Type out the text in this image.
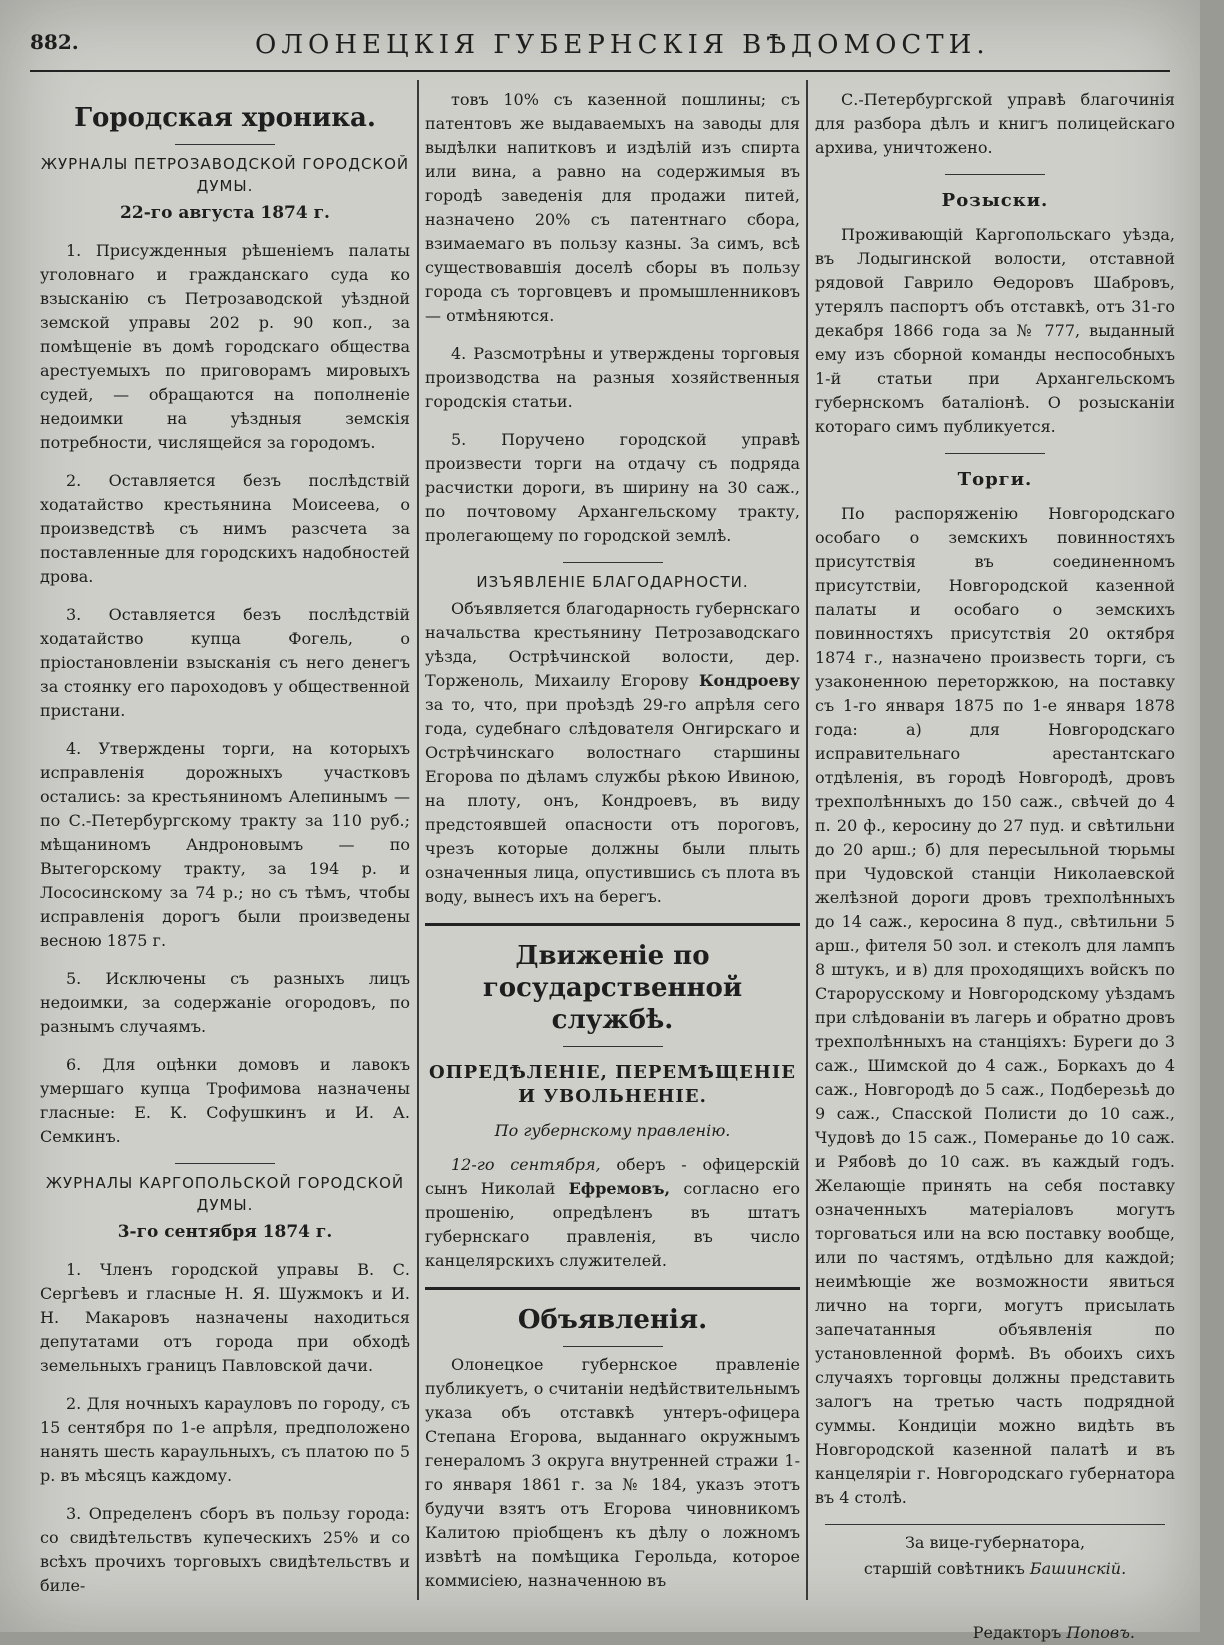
882.	ОЛОНЕЦКІЯ ГУБЕРНСКІЯ ВѢДОМОСТИ.
Городская хроника.
ЖУРНАЛЫ ПЕТРОЗАВОДСКОЙ ГОРОДСКОЙ ДУМЫ.
22-го августа 1874 г.

1. Присужденныя рѣшеніемъ палаты уголовнаго и гражданскаго суда ко взысканію съ Петрозаводской уѣздной земской управы 202 р. 90 коп., за помѣщеніе въ домѣ городскаго общества арестуемыхъ по приговорамъ мировыхъ судей, — обращаются на пополненіе недоимки на уѣздныя земскія потребности, числящейся за городомъ.

2. Оставляется безъ послѣдствій ходатайство крестьянина Моисеева, о произведствѣ съ нимъ разсчета за поставленные для городскихъ надобностей дрова.

3. Оставляется безъ послѣдствій ходатайство купца Фогель, о пріостановленіи взысканія съ него денегъ за стоянку его пароходовъ у общественной пристани.

4. Утверждены торги, на которыхъ исправленія дорожныхъ участковъ остались: за крестьяниномъ Алепинымъ — по С.-Петербургскому тракту за 110 руб.; мѣщаниномъ Андроновымъ — по Вытегорскому тракту, за 194 р. и Лососинскому за 74 р.; но съ тѣмъ, чтобы исправленія дорогъ были произведены весною 1875 г.

5. Исключены съ разныхъ лицъ недоимки, за содержаніе огородовъ, по разнымъ случаямъ.

6. Для оцѣнки домовъ и лавокъ умершаго купца Трофимова назначены гласные: Е. К. Софушкинъ и И. А. Семкинъ.

ЖУРНАЛЫ КАРГОПОЛЬСКОЙ ГОРОДСКОЙ ДУМЫ.
3-го сентября 1874 г.

1. Членъ городской управы В. С. Сергѣевъ и гласные Н. Я. Шужмокъ и И. Н. Макаровъ назначены находиться депутатами отъ города при обходѣ земельныхъ границъ Павловской дачи.

2. Для ночныхъ карауловъ по городу, съ 15 сентября по 1-е апрѣля, предположено нанять шесть караульныхъ, съ платою по 5 р. въ мѣсяцъ каждому.

3. Определенъ сборъ въ пользу города: со свидѣтельствъ купеческихъ 25% и со всѣхъ прочихъ торговыхъ свидѣтельствъ и биле-

товъ 10% съ казенной пошлины; съ патентовъ же выдаваемыхъ на заводы для выдѣлки напитковъ и издѣлій изъ спирта или вина, а равно на содержимыя въ городѣ заведенія для продажи питей, назначено 20% съ патентнаго сбора, взимаемаго въ пользу казны. За симъ, всѣ существовавшія доселѣ сборы въ пользу города съ торговцевъ и промышленниковъ — отмѣняются.

4. Разсмотрѣны и утверждены торговыя производства на разныя хозяйственныя городскія статьи.

5. Поручено городской управѣ произвести торги на отдачу съ подряда расчистки дороги, въ ширину на 30 саж., по почтовому Архангельскому тракту, пролегающему по городской землѣ.

ИЗЪЯВЛЕНІЕ БЛАГОДАРНОСТИ.

Объявляется благодарность губернскаго начальства крестьянину Петрозаводскаго уѣзда, Острѣчинской волости, дер. Торженоль, Михаилу Егорову Кондроеву за то, что, при проѣздѣ 29-го апрѣля сего года, судебнаго слѣдователя Онгирскаго и Острѣчинскаго волостнаго старшины Егорова по дѣламъ службы рѣкою Ивиною, на плоту, онъ, Кондроевъ, въ виду предстоявшей опасности отъ пороговъ, чрезъ которые должны были плыть означенныя лица, опустившись съ плота въ воду, вынесъ ихъ на берегъ.

Движеніе по государственной службѣ.
ОПРЕДѢЛЕНІЕ, ПЕРЕМѢЩЕНІЕ И УВОЛЬНЕНІЕ.
По губернскому правленію.

12-го сентября, оберъ - офицерскій сынъ Николай Ефремовъ, согласно его прошенію, опредѣленъ въ штатъ губернскаго правленія, въ число канцелярскихъ служителей.

Объявленія.

Олонецкое губернское правленіе публикуетъ, о считаніи недѣйствительнымъ указа объ отставкѣ унтеръ-офицера Степана Егорова, выданнаго окружнымъ генераломъ 3 округа внутренней стражи 1-го января 1861 г. за № 184, указъ этотъ будучи взятъ отъ Егорова чиновникомъ Калитою пріобщенъ къ дѣлу о ложномъ извѣтѣ на помѣщика Герольда, которое коммисіею, назначенною въ

С.-Петербургской управѣ благочинія для разбора дѣлъ и книгъ полицейскаго архива, уничтожено.

Розыски.

Проживающій Каргопольскаго уѣзда, въ Лодыгинской волости, отставной рядовой Гаврило Ѳедоровъ Шабровъ, утерялъ паспортъ объ отставкѣ, отъ 31-го декабря 1866 года за № 777, выданный ему изъ сборной команды неспособныхъ 1-й статьи при Архангельскомъ губернскомъ баталіонѣ. О розысканіи котораго симъ публикуется.

Торги.

По распоряженію Новгородскаго особаго о земскихъ повинностяхъ присутствія въ соединенномъ присутствіи, Новгородской казенной палаты и особаго о земскихъ повинностяхъ присутствія 20 октября 1874 г., назначено произвесть торги, съ узаконенною переторжкою, на поставку съ 1-го января 1875 по 1-е января 1878 года: а) для Новгородскаго исправительнаго арестантскаго отдѣленія, въ городѣ Новгородѣ, дровъ трехполѣнныхъ до 150 саж., свѣчей до 4 п. 20 ф., керосину до 27 пуд. и свѣтильни до 20 арш.; б) для пересыльной тюрьмы при Чудовской станціи Николаевской желѣзной дороги дровъ трехполѣнныхъ до 14 саж., керосина 8 пуд., свѣтильни 5 арш., фителя 50 зол. и стеколъ для лампъ 8 штукъ, и в) для проходящихъ войскъ по Старорусскому и Новгородскому уѣздамъ при слѣдованіи въ лагерь и обратно дровъ трехполѣнныхъ на станціяхъ: Буреги до 3 саж., Шимской до 4 саж., Боркахъ до 4 саж., Новгородѣ до 5 саж., Подберезьѣ до 9 саж., Спасской Полисти до 10 саж., Чудовѣ до 15 саж., Померанье до 10 саж. и Рябовѣ до 10 саж. въ каждый годъ. Желающіе принять на себя поставку означенныхъ матеріаловъ могутъ торговаться или на всю поставку вообще, или по частямъ, отдѣльно для каждой; неимѣющіе же возможности явиться лично на торги, могутъ присылать запечатанныя объявленія по установленной формѣ. Въ обоихъ сихъ случаяхъ торговцы должны представить залогъ на третью часть подрядной суммы. Кондиціи можно видѣть въ Новгородской казенной палатѣ и въ канцеляріи г. Новгородскаго губернатора въ 4 столѣ.

За вице-губернатора,

старшій совѣтникъ Башинскій.

Редакторъ Поповъ.
